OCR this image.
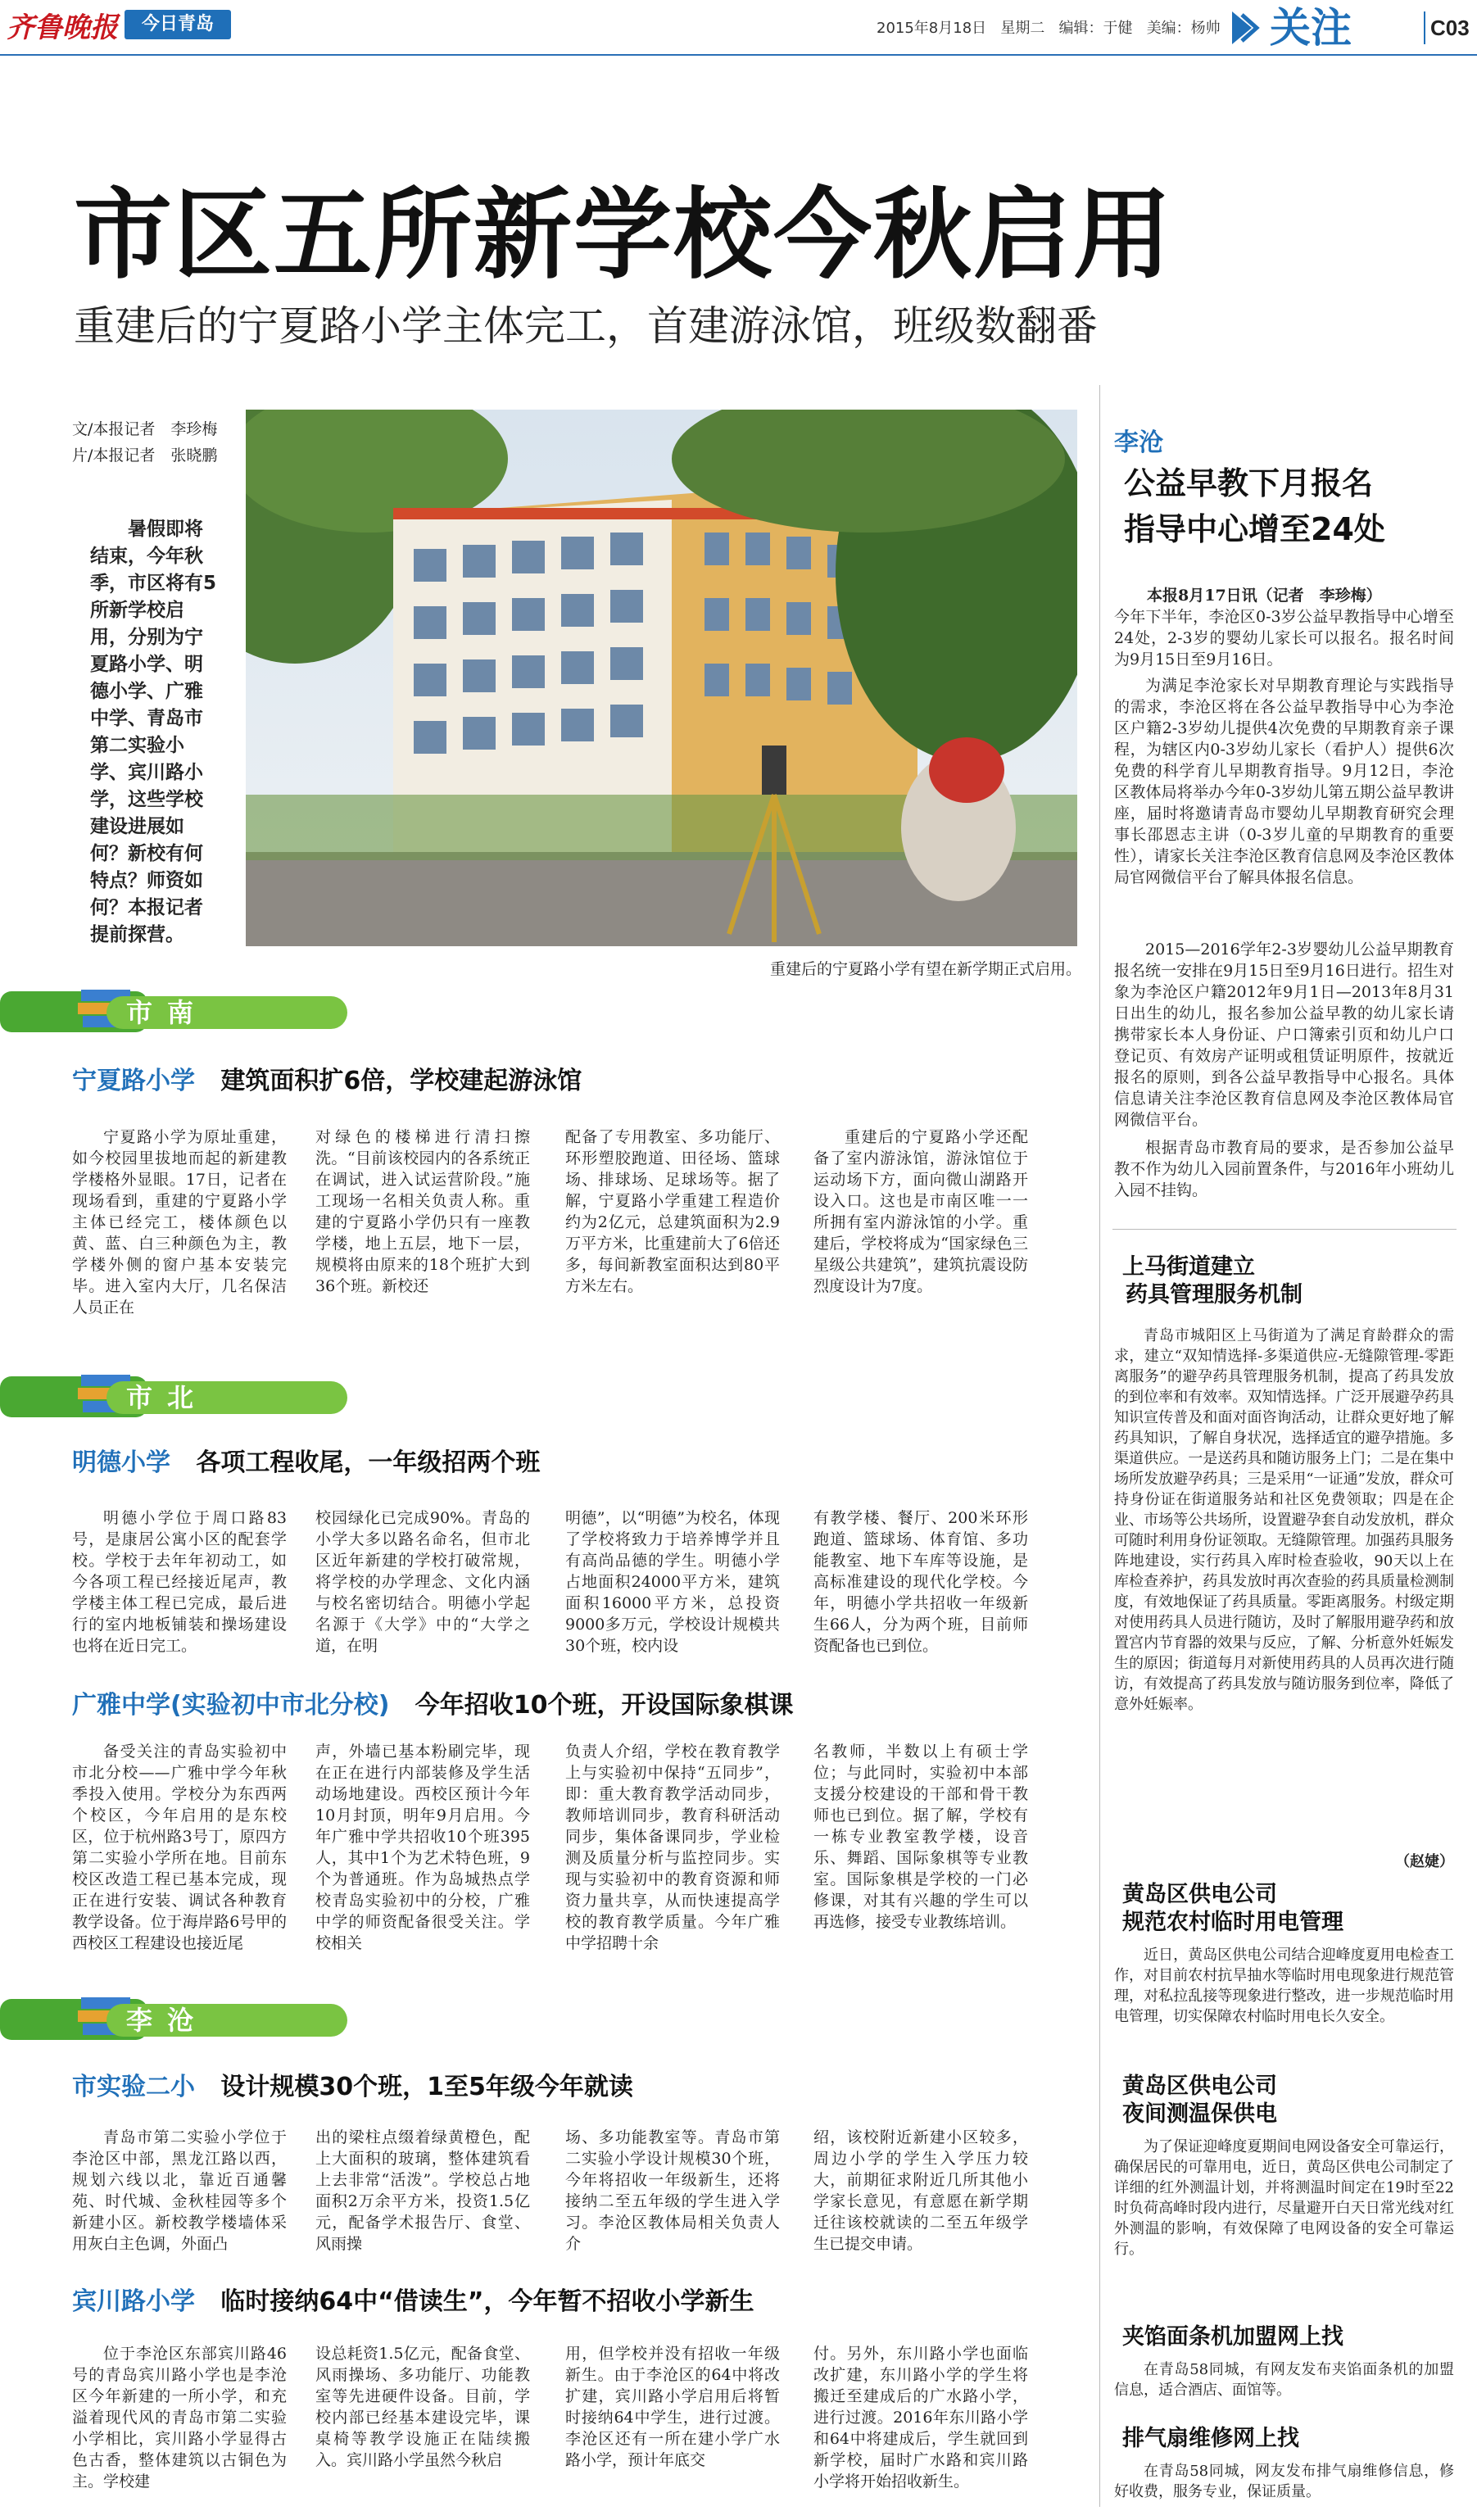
齐鲁晚报	今日青岛	2015年8月18日 星期二 编辑：于健 美编：杨帅 关注	C03
市区五所新学校今秋启用
重建后的宁夏路小学主体完工，首建游泳馆，班级数翻番
文/本报记者　李珍梅
片/本报记者　张晓鹏
暑假即将结束，今年秋季，市区将有5所新学校启用，分别为宁夏路小学、明德小学、广雅中学、青岛市第二实验小学、宾川路小学，这些学校建设进展如何？新校有何特点？师资如何？本报记者提前探营。
重建后的宁夏路小学有望在新学期正式启用。
市南
宁夏路小学 建筑面积扩6倍，学校建起游泳馆
宁夏路小学为原址重建，如今校园里拔地而起的新建教学楼格外显眼。17日，记者在现场看到，重建的宁夏路小学主体已经完工，楼体颜色以黄、蓝、白三种颜色为主，教学楼外侧的窗户基本安装完毕。进入室内大厅，几名保洁人员正在
对绿色的楼梯进行清扫擦洗。“目前该校园内的各系统正在调试，进入试运营阶段。”施工现场一名相关负责人称。重建的宁夏路小学仍只有一座教学楼，地上五层，地下一层，规模将由原来的18个班扩大到36个班。新校还
配备了专用教室、多功能厅、环形塑胶跑道、田径场、篮球场、排球场、足球场等。据了解，宁夏路小学重建工程造价约为2亿元，总建筑面积为2.9万平方米，比重建前大了6倍还多，每间新教室面积达到80平方米左右。
重建后的宁夏路小学还配备了室内游泳馆，游泳馆位于运动场下方，面向微山湖路开设入口。这也是市南区唯一一所拥有室内游泳馆的小学。重建后，学校将成为“国家绿色三星级公共建筑”，建筑抗震设防烈度设计为7度。
市北
明德小学 各项工程收尾，一年级招两个班
明德小学位于周口路83号，是康居公寓小区的配套学校。学校于去年年初动工，如今各项工程已经接近尾声，教学楼主体工程已完成，最后进行的室内地板铺装和操场建设也将在近日完工。
校园绿化已完成90%。青岛的小学大多以路名命名，但市北区近年新建的学校打破常规，将学校的办学理念、文化内涵与校名密切结合。明德小学起名源于《大学》中的“大学之道，在明
明德”，以“明德”为校名，体现了学校将致力于培养博学并且有高尚品德的学生。明德小学占地面积24000平方米，建筑面积16000平方米，总投资9000多万元，学校设计规模共30个班，校内设
有教学楼、餐厅、200米环形跑道、篮球场、体育馆、多功能教室、地下车库等设施，是高标准建设的现代化学校。今年，明德小学共招收一年级新生66人，分为两个班，目前师资配备也已到位。
广雅中学(实验初中市北分校) 今年招收10个班，开设国际象棋课
备受关注的青岛实验初中市北分校——广雅中学今年秋季投入使用。学校分为东西两个校区，今年启用的是东校区，位于杭州路3号丁，原四方第二实验小学所在地。目前东校区改造工程已基本完成，现正在进行安装、调试各种教育教学设备。位于海岸路6号甲的西校区工程建设也接近尾
声，外墙已基本粉刷完毕，现在正在进行内部装修及学生活动场地建设。西校区预计今年10月封顶，明年9月启用。今年广雅中学共招收10个班395人，其中1个为艺术特色班，9个为普通班。作为岛城热点学校青岛实验初中的分校，广雅中学的师资配备很受关注。学校相关
负责人介绍，学校在教育教学上与实验初中保持“五同步”，即：重大教育教学活动同步，教师培训同步，教育科研活动同步，集体备课同步，学业检测及质量分析与监控同步。实现与实验初中的教育资源和师资力量共享，从而快速提高学校的教育教学质量。今年广雅中学招聘十余
名教师，半数以上有硕士学位；与此同时，实验初中本部支援分校建设的干部和骨干教师也已到位。据了解，学校有一栋专业教室教学楼，设音乐、舞蹈、国际象棋等专业教室。国际象棋是学校的一门必修课，对其有兴趣的学生可以再选修，接受专业教练培训。
李沧
市实验二小 设计规模30个班，1至5年级今年就读
青岛市第二实验小学位于李沧区中部，黑龙江路以西，规划六线以北，靠近百通馨苑、时代城、金秋桂园等多个新建小区。新校教学楼墙体采用灰白主色调，外面凸
出的梁柱点缀着绿黄橙色，配上大面积的玻璃，整体建筑看上去非常“活泼”。学校总占地面积2万余平方米，投资1.5亿元，配备学术报告厅、食堂、风雨操
场、多功能教室等。青岛市第二实验小学设计规模30个班，今年将招收一年级新生，还将接纳二至五年级的学生进入学习。李沧区教体局相关负责人介
绍，该校附近新建小区较多，周边小学的学生入学压力较大，前期征求附近几所其他小学家长意见，有意愿在新学期迁往该校就读的二至五年级学生已提交申请。
宾川路小学 临时接纳64中“借读生”，今年暂不招收小学新生
位于李沧区东部宾川路46号的青岛宾川路小学也是李沧区今年新建的一所小学，和充溢着现代风的青岛市第二实验小学相比，宾川路小学显得古色古香，整体建筑以古铜色为主。学校建
设总耗资1.5亿元，配备食堂、风雨操场、多功能厅、功能教室等先进硬件设备。目前，学校内部已经基本建设完毕，课桌椅等教学设施正在陆续搬入。宾川路小学虽然今秋启
用，但学校并没有招收一年级新生。由于李沧区的64中将改扩建，宾川路小学启用后将暂时接纳64中学生，进行过渡。李沧区还有一所在建小学广水路小学，预计年底交
付。另外，东川路小学也面临改扩建，东川路小学的学生将搬迁至建成后的广水路小学，进行过渡。2016年东川路小学和64中将建成后，学生就回到新学校，届时广水路和宾川路小学将开始招收新生。
李沧
公益早教下月报名
指导中心增至24处
本报8月17日讯（记者　李珍梅）
今年下半年，李沧区0-3岁公益早教指导中心增至24处，2-3岁的婴幼儿家长可以报名。报名时间为9月15日至9月16日。
为满足李沧家长对早期教育理论与实践指导的需求，李沧区将在各公益早教指导中心为李沧区户籍2-3岁幼儿提供4次免费的早期教育亲子课程，为辖区内0-3岁幼儿家长（看护人）提供6次免费的科学育儿早期教育指导。9月12日，李沧区教体局将举办今年0-3岁幼儿第五期公益早教讲座，届时将邀请青岛市婴幼儿早期教育研究会理事长邵恩志主讲（0-3岁儿童的早期教育的重要性），请家长关注李沧区教育信息网及李沧区教体局官网微信平台了解具体报名信息。
2015—2016学年2-3岁婴幼儿公益早期教育报名统一安排在9月15日至9月16日进行。招生对象为李沧区户籍2012年9月1日—2013年8月31日出生的幼儿，报名参加公益早教的幼儿家长请携带家长本人身份证、户口簿索引页和幼儿户口登记页、有效房产证明或租赁证明原件，按就近报名的原则，到各公益早教指导中心报名。具体信息请关注李沧区教育信息网及李沧区教体局官网微信平台。
根据青岛市教育局的要求，是否参加公益早教不作为幼儿入园前置条件，与2016年小班幼儿入园不挂钩。
上马街道建立
药具管理服务机制
青岛市城阳区上马街道为了满足育龄群众的需求，建立“双知情选择-多渠道供应-无缝隙管理-零距离服务”的避孕药具管理服务机制，提高了药具发放的到位率和有效率。双知情选择。广泛开展避孕药具知识宣传普及和面对面咨询活动，让群众更好地了解药具知识，了解自身状况，选择适宜的避孕措施。多渠道供应。一是送药具和随访服务上门；二是在集中场所发放避孕药具；三是采用“一证通”发放，群众可持身份证在街道服务站和社区免费领取；四是在企业、市场等公共场所，设置避孕套自动发放机，群众可随时利用身份证领取。无缝隙管理。加强药具服务阵地建设，实行药具入库时检查验收，90天以上在库检查养护，药具发放时再次查验的药具质量检测制度，有效地保证了药具质量。零距离服务。村级定期对使用药具人员进行随访，及时了解服用避孕药和放置宫内节育器的效果与反应，了解、分析意外妊娠发生的原因；街道每月对新使用药具的人员再次进行随访，有效提高了药具发放与随访服务到位率，降低了意外妊娠率。
（赵婕）
黄岛区供电公司
规范农村临时用电管理
近日，黄岛区供电公司结合迎峰度夏用电检查工作，对目前农村抗旱抽水等临时用电现象进行规范管理，对私拉乱接等现象进行整改，进一步规范临时用电管理，切实保障农村临时用电长久安全。
黄岛区供电公司
夜间测温保供电
为了保证迎峰度夏期间电网设备安全可靠运行，确保居民的可靠用电，近日，黄岛区供电公司制定了详细的红外测温计划，并将测温时间定在19时至22时负荷高峰时段内进行，尽量避开白天日常光线对红外测温的影响，有效保障了电网设备的安全可靠运行。
夹馅面条机加盟网上找
在青岛58同城，有网友发布夹馅面条机的加盟信息，适合酒店、面馆等。
排气扇维修网上找
在青岛58同城，网友发布排气扇维修信息，修好收费，服务专业，保证质量。
